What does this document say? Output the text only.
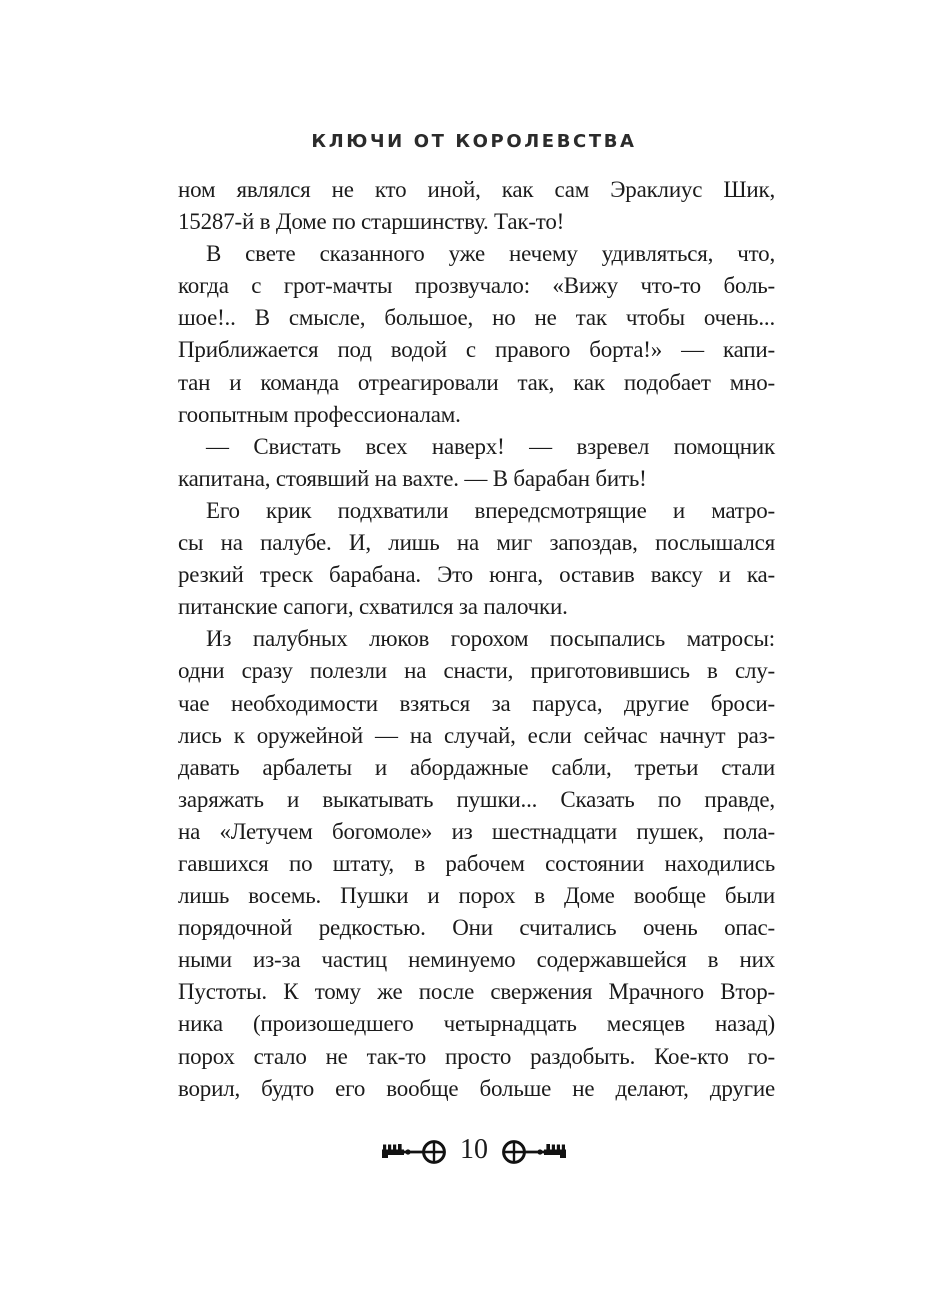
КЛЮЧИ ОТ КОРОЛЕВСТВА
ном являлся не кто иной, как сам Эраклиус Шик,
15287-й в Доме по старшинству. Так-то!
В свете сказанного уже нечему удивляться, что,
когда с грот-мачты прозвучало: «Вижу что-то боль-
шое!.. В смысле, большое, но не так чтобы очень...
Приближается под водой с правого борта!» — капи-
тан и команда отреагировали так, как подобает мно-
гоопытным профессионалам.
— Свистать всех наверх! — взревел помощник
капитана, стоявший на вахте. — В барабан бить!
Его крик подхватили впередсмотрящие и матро-
сы на палубе. И, лишь на миг запоздав, послышался
резкий треск барабана. Это юнга, оставив ваксу и ка-
питанские сапоги, схватился за палочки.
Из палубных люков горохом посыпались матросы:
одни сразу полезли на снасти, приготовившись в слу-
чае необходимости взяться за паруса, другие броси-
лись к оружейной — на случай, если сейчас начнут раз-
давать арбалеты и абордажные сабли, третьи стали
заряжать и выкатывать пушки... Сказать по правде,
на «Летучем богомоле» из шестнадцати пушек, пола-
гавшихся по штату, в рабочем состоянии находились
лишь восемь. Пушки и порох в Доме вообще были
порядочной редкостью. Они считались очень опас-
ными из-за частиц неминуемо содержавшейся в них
Пустоты. К тому же после свержения Мрачного Втор-
ника (произошедшего четырнадцать месяцев назад)
порох стало не так-то просто раздобыть. Кое-кто го-
ворил, будто его вообще больше не делают, другие
10
